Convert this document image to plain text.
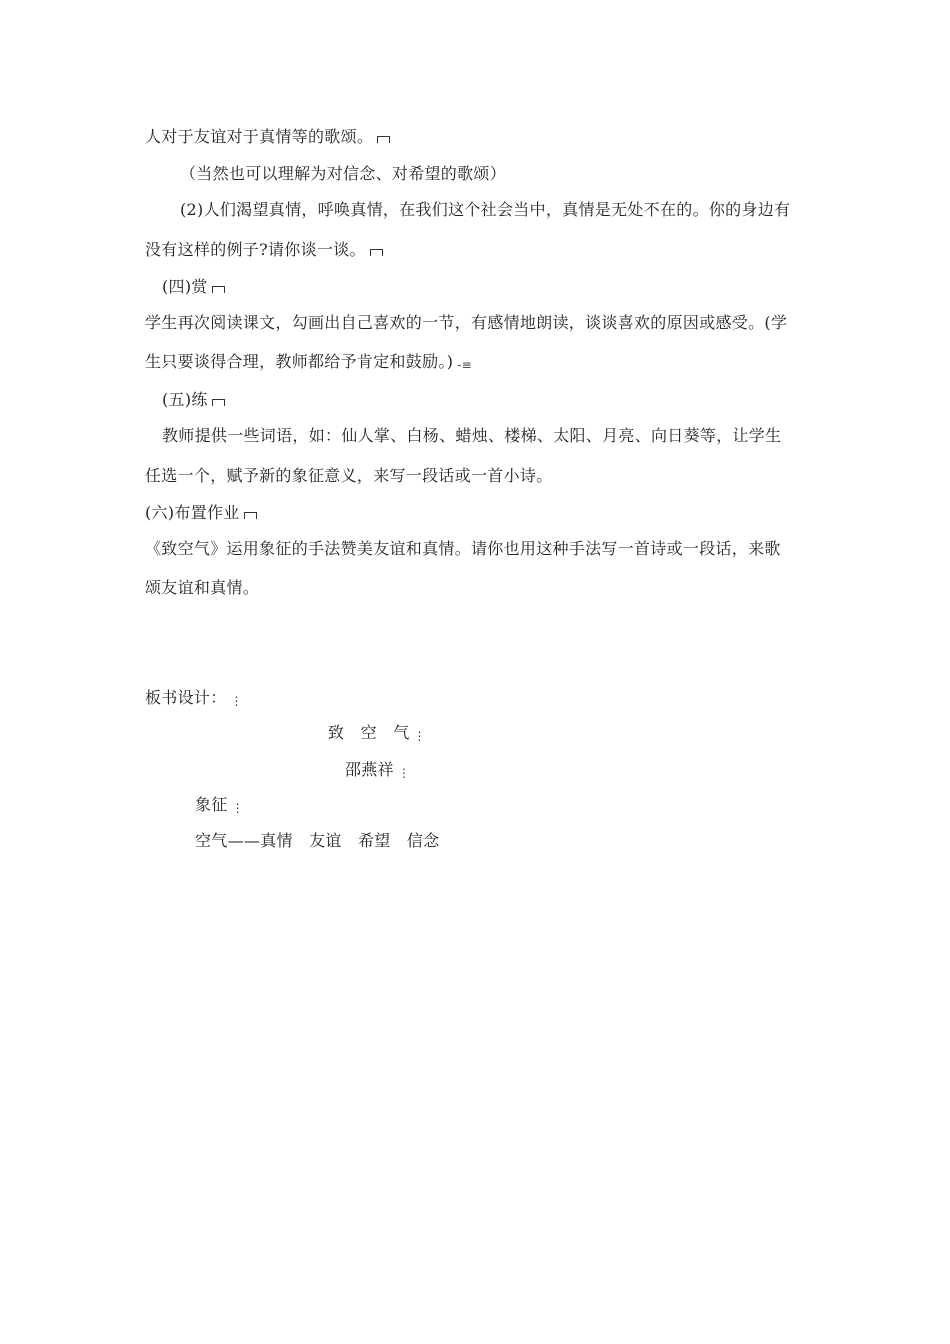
人对于友谊对于真情等的歌颂。
（当然也可以理解为对信念、对希望的歌颂）
(2)人们渴望真情，呼唤真情，在我们这个社会当中，真情是无处不在的。你的身边有
没有这样的例子?请你谈一谈。
(四)赏
学生再次阅读课文，勾画出自己喜欢的一节，有感情地朗读，谈谈喜欢的原因或感受。(学
生只要谈得合理，教师都给予肯定和鼓励。) -≡
(五)练
教师提供一些词语，如：仙人掌、白杨、蜡烛、楼梯、太阳、月亮、向日葵等，让学生
任选一个，赋予新的象征意义，来写一段话或一首小诗。
(六)布置作业
《致空气》运用象征的手法赞美友谊和真情。请你也用这种手法写一首诗或一段话，来歌
颂友谊和真情。
板书设计： ⋮
致　空　气 ⋮
邵燕祥 ⋮
象征 ⋮
空气——真情　友谊　希望　信念
